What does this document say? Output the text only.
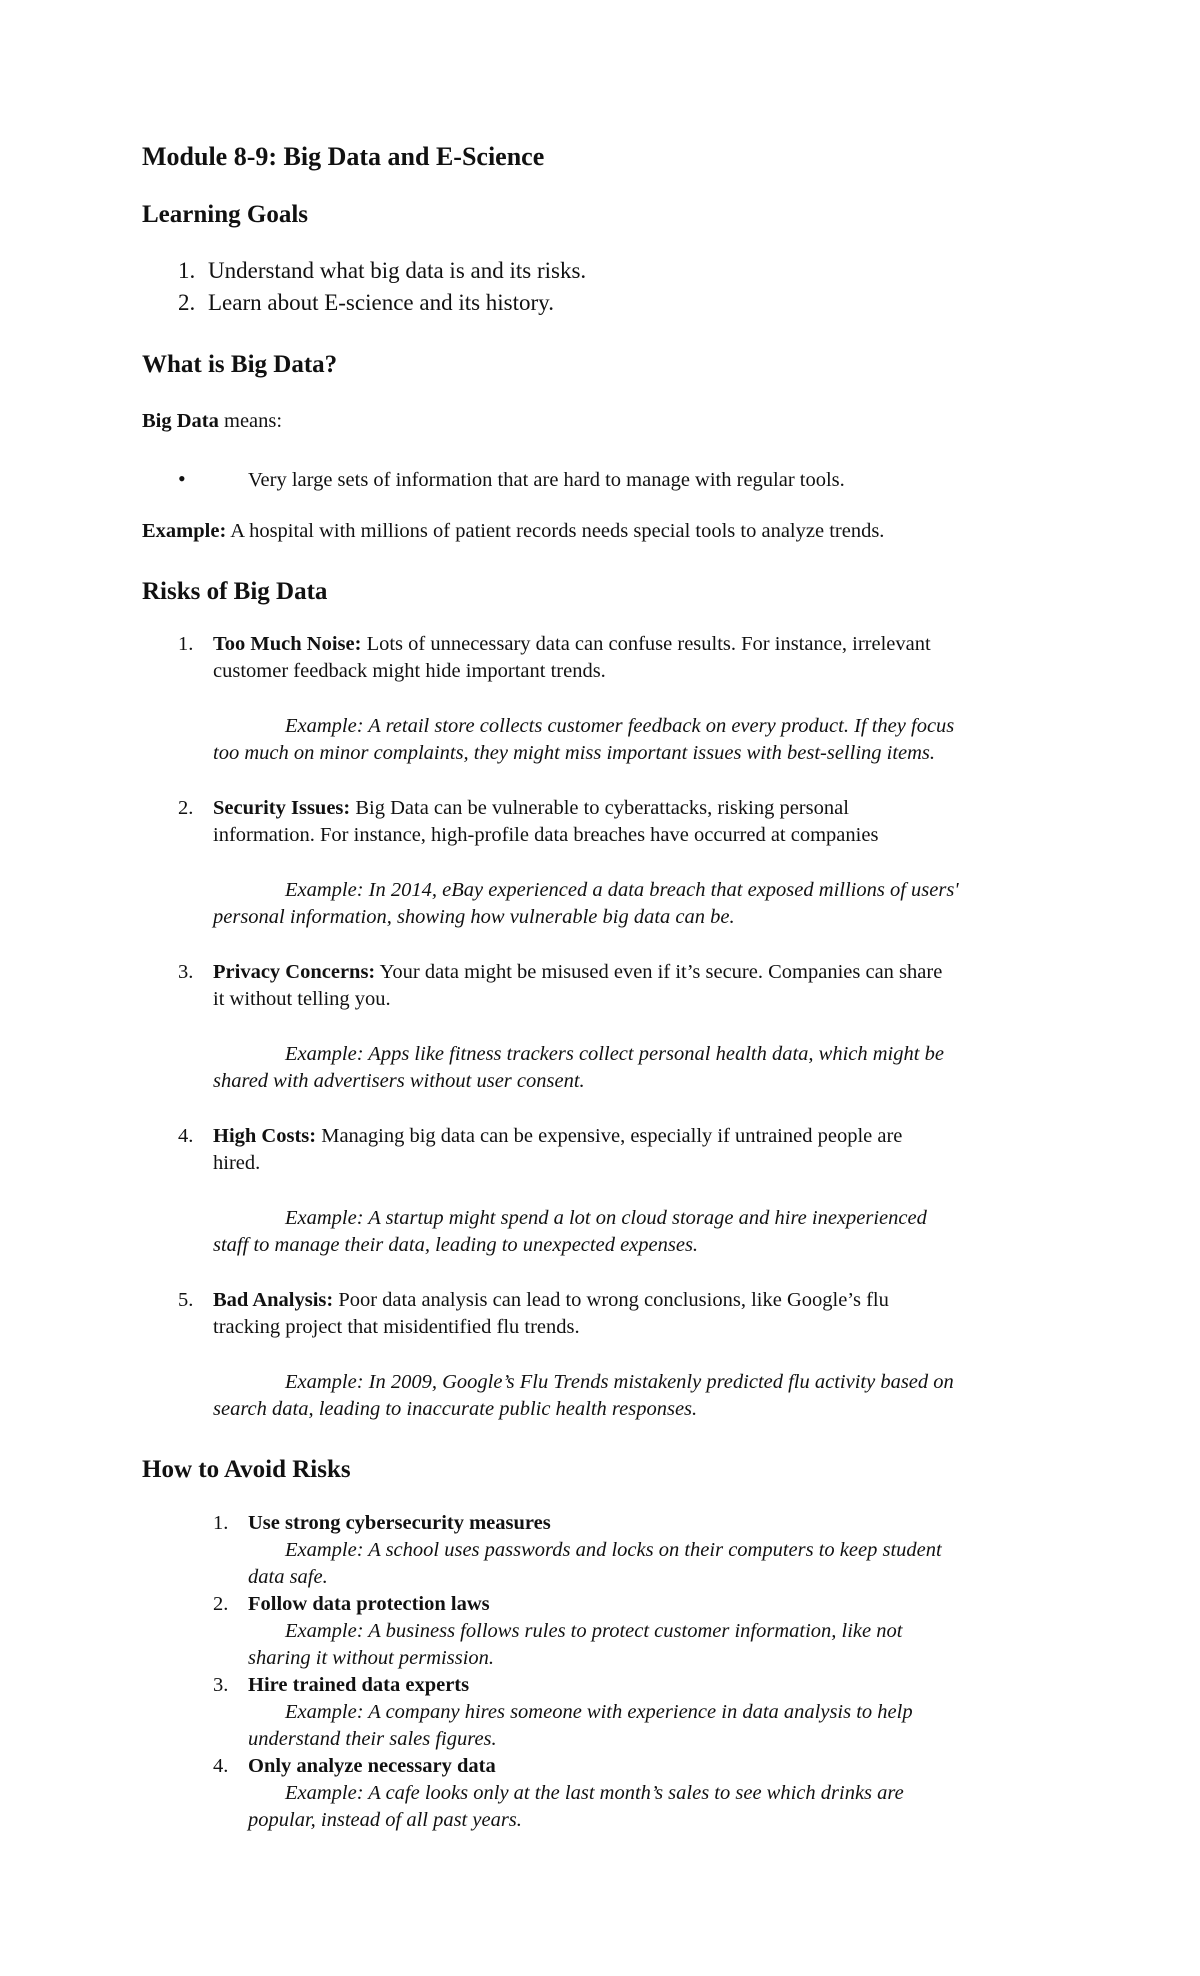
Module 8-9: Big Data and E-Science
Learning Goals
1. Understand what big data is and its risks.
2. Learn about E-science and its history.
What is Big Data?
Big Data means:
•	Very large sets of information that are hard to manage with regular tools.
Example: A hospital with millions of patient records needs special tools to analyze trends.
Risks of Big Data
1. Too Much Noise: Lots of unnecessary data can confuse results. For instance, irrelevant
customer feedback might hide important trends.
Example: A retail store collects customer feedback on every product. If they focus
too much on minor complaints, they might miss important issues with best-selling items.
2. Security Issues: Big Data can be vulnerable to cyberattacks, risking personal
information. For instance, high-profile data breaches have occurred at companies
Example: In 2014, eBay experienced a data breach that exposed millions of users'
personal information, showing how vulnerable big data can be.
3. Privacy Concerns: Your data might be misused even if it’s secure. Companies can share
it without telling you.
Example: Apps like fitness trackers collect personal health data, which might be
shared with advertisers without user consent.
4. High Costs: Managing big data can be expensive, especially if untrained people are
hired.
Example: A startup might spend a lot on cloud storage and hire inexperienced
staff to manage their data, leading to unexpected expenses.
5. Bad Analysis: Poor data analysis can lead to wrong conclusions, like Google’s flu
tracking project that misidentified flu trends.
Example: In 2009, Google’s Flu Trends mistakenly predicted flu activity based on
search data, leading to inaccurate public health responses.
How to Avoid Risks
1. Use strong cybersecurity measures
Example: A school uses passwords and locks on their computers to keep student
data safe.
2. Follow data protection laws
Example: A business follows rules to protect customer information, like not
sharing it without permission.
3. Hire trained data experts
Example: A company hires someone with experience in data analysis to help
understand their sales figures.
4. Only analyze necessary data
Example: A cafe looks only at the last month’s sales to see which drinks are
popular, instead of all past years.
